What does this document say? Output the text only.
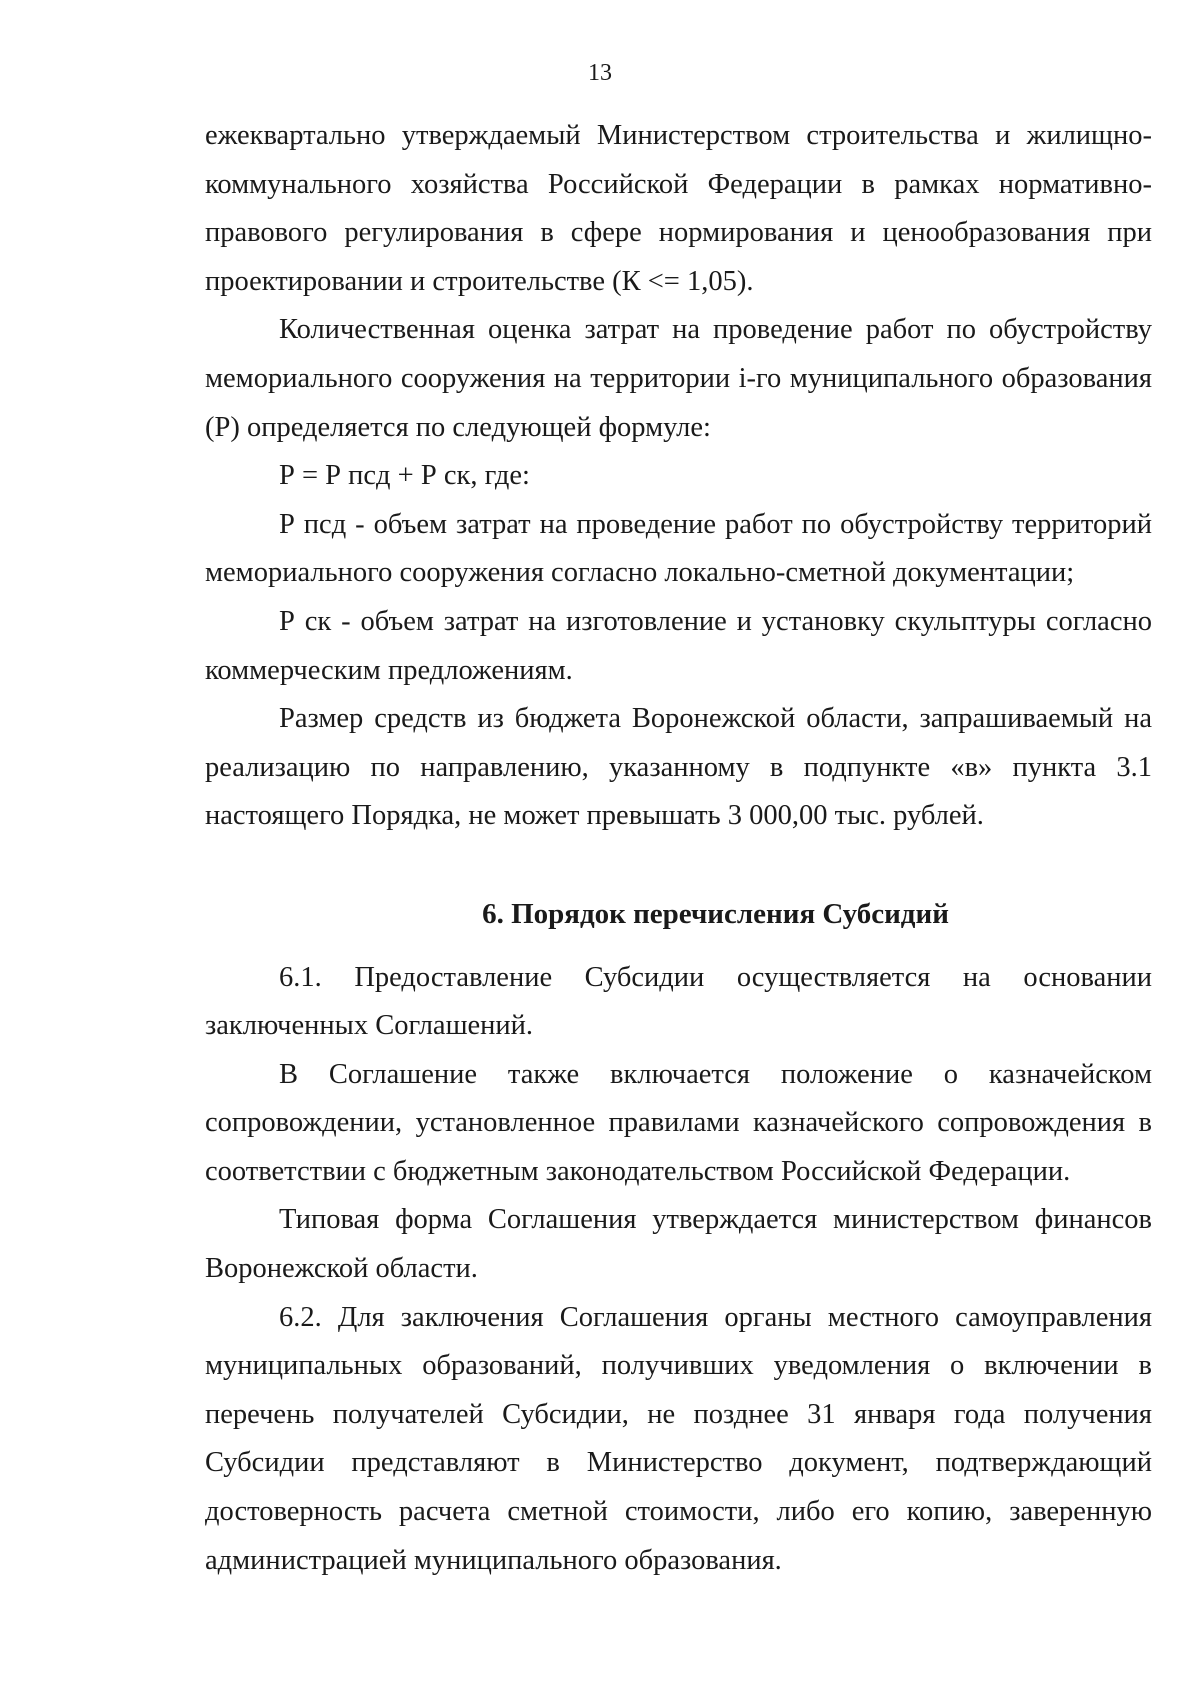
13

ежеквартально утверждаемый Министерством строительства и жилищно-коммунального хозяйства Российской Федерации в рамках нормативно-правового регулирования в сфере нормирования и ценообразования при проектировании и строительстве (К <= 1,05).

Количественная оценка затрат на проведение работ по обустройству мемориального сооружения на территории i-го муниципального образования (Р) определяется по следующей формуле:

Р = Р псд + Р ск, где:

Р псд - объем затрат на проведение работ по обустройству территорий мемориального сооружения согласно локально-сметной документации;

Р ск - объем затрат на изготовление и установку скульптуры согласно коммерческим предложениям.

Размер средств из бюджета Воронежской области, запрашиваемый на реализацию по направлению, указанному в подпункте «в» пункта 3.1 настоящего Порядка, не может превышать 3 000,00 тыс. рублей.

6. Порядок перечисления Субсидий

6.1. Предоставление Субсидии осуществляется на основании заключенных Соглашений.

В Соглашение также включается положение о казначейском сопровождении, установленное правилами казначейского сопровождения в соответствии с бюджетным законодательством Российской Федерации.

Типовая форма Соглашения утверждается министерством финансов Воронежской области.

6.2. Для заключения Соглашения органы местного самоуправления муниципальных образований, получивших уведомления о включении в перечень получателей Субсидии, не позднее 31 января года получения Субсидии представляют в Министерство документ, подтверждающий достоверность расчета сметной стоимости, либо его копию, заверенную администрацией муниципального образования.
